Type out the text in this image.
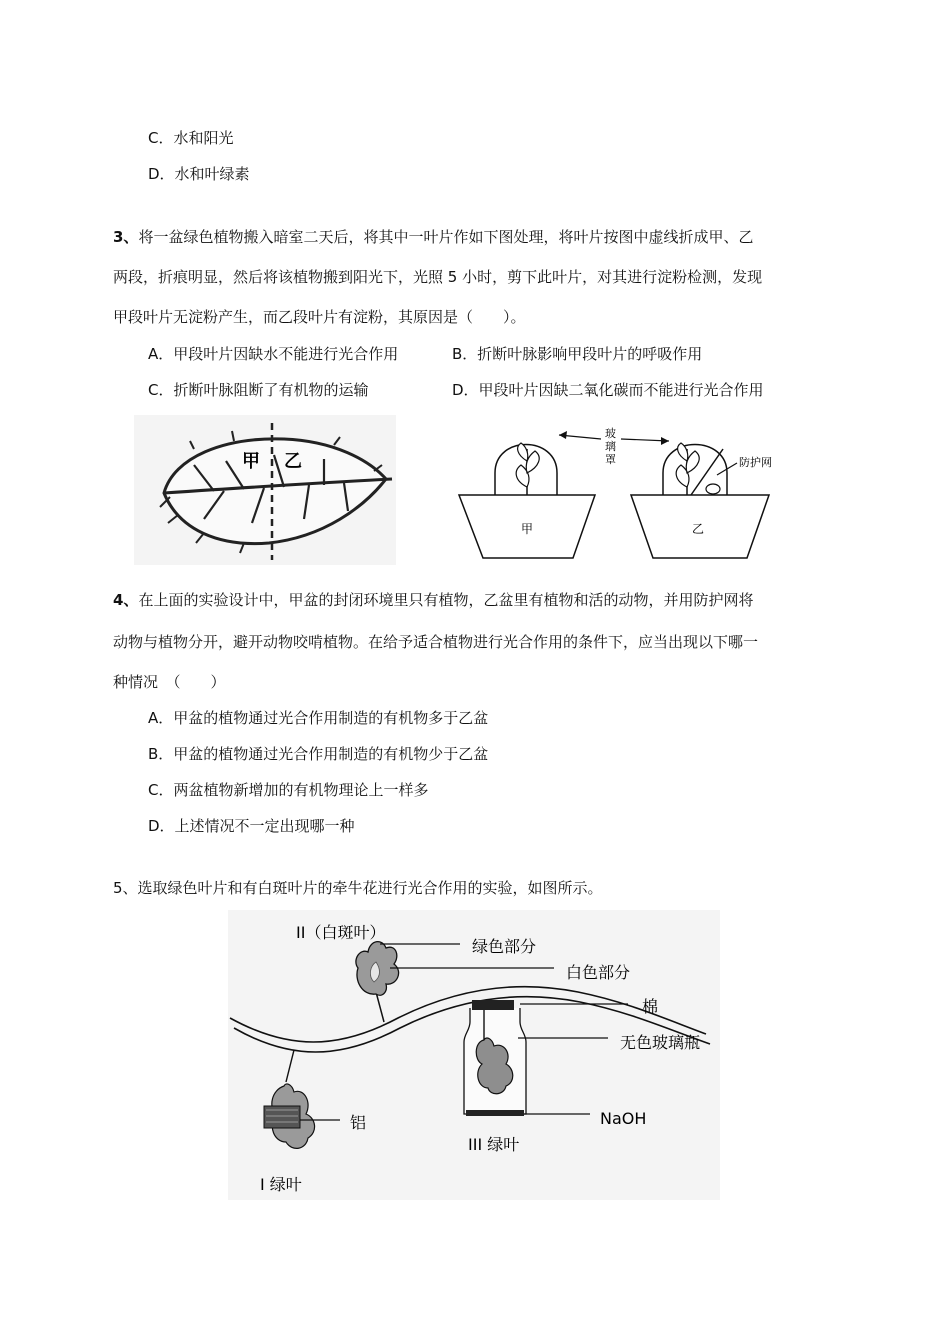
C．水和阳光
D．水和叶绿素
3、将一盆绿色植物搬入暗室二天后，将其中一叶片作如下图处理，将叶片按图中虚线折成甲、乙
两段，折痕明显，然后将该植物搬到阳光下，光照 5 小时，剪下此叶片，对其进行淀粉检测，发现
甲段叶片无淀粉产生，而乙段叶片有淀粉，其原因是（　　）。
A．甲段叶片因缺水不能进行光合作用	B．折断叶脉影响甲段叶片的呼吸作用
C．折断叶脉阻断了有机物的运输	D．甲段叶片因缺二氧化碳而不能进行光合作用
甲 乙
甲	乙
玻 璃 罩	防护网
4、在上面的实验设计中，甲盆的封闭环境里只有植物，乙盆里有植物和活的动物，并用防护网将
动物与植物分开，避开动物咬啃植物。在给予适合植物进行光合作用的条件下，应当出现以下哪一
种情况　（　　）
A．甲盆的植物通过光合作用制造的有机物多于乙盆
B．甲盆的植物通过光合作用制造的有机物少于乙盆
C．两盆植物新增加的有机物理论上一样多
D．上述情况不一定出现哪一种
5、选取绿色叶片和有白斑叶片的牵牛花进行光合作用的实验，如图所示。
II（白斑叶）
绿色部分
白色部分
棉
无色玻璃瓶
NaOH
III 绿叶
铝
I 绿叶
